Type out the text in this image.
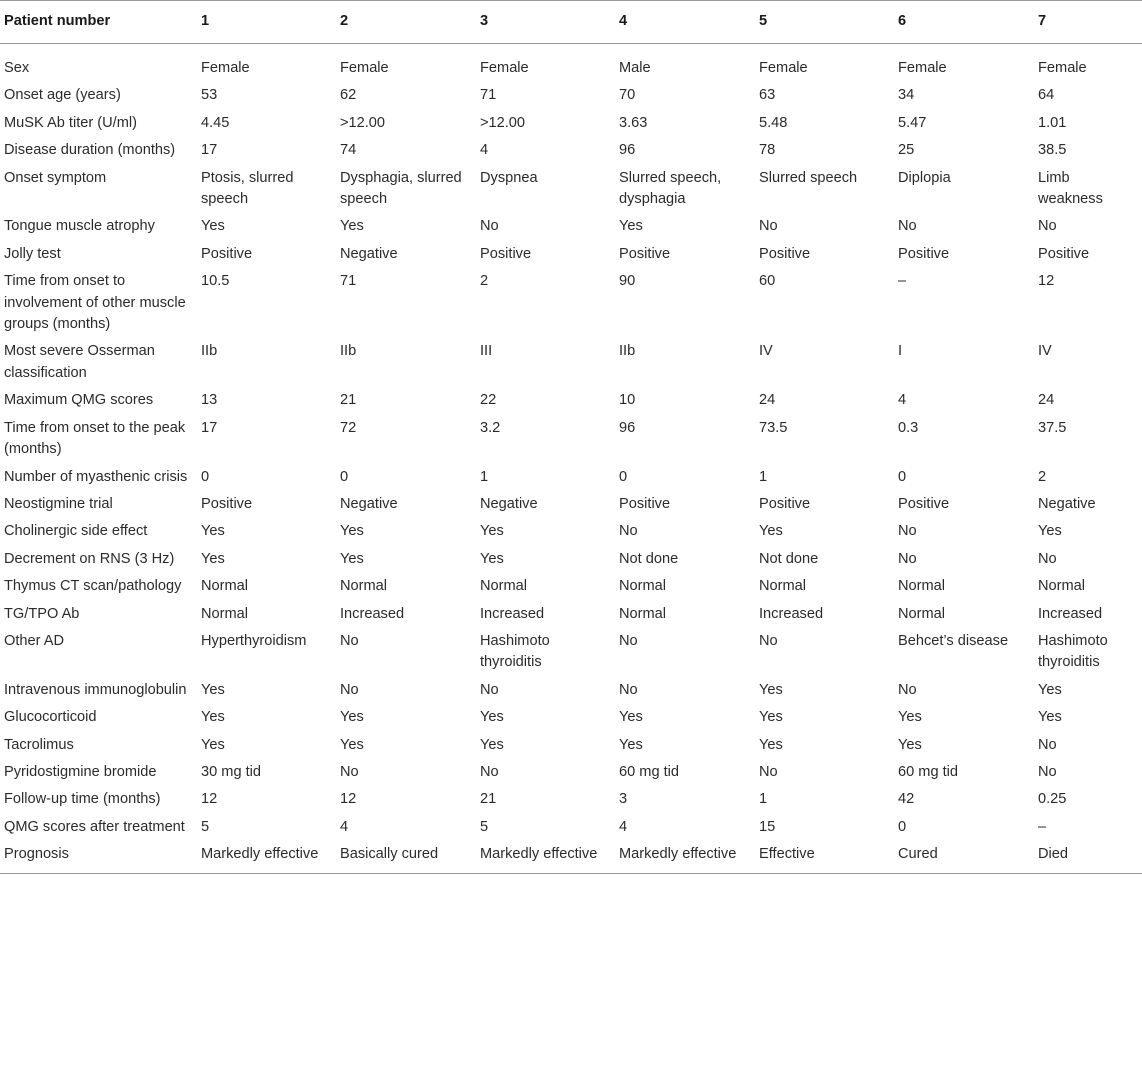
Patient number	1	2	3	4	5	6	7
Sex	Female	Female	Female	Male	Female	Female	Female
Onset age (years)	53	62	71	70	63	34	64
MuSK Ab titer (U/ml)	4.45	>12.00	>12.00	3.63	5.48	5.47	1.01
Disease duration (months)	17	74	4	96	78	25	38.5
Onset symptom	Ptosis, slurred speech	Dysphagia, slurred speech	Dyspnea	Slurred speech, dysphagia	Slurred speech	Diplopia	Limb weakness
Tongue muscle atrophy	Yes	Yes	No	Yes	No	No	No
Jolly test	Positive	Negative	Positive	Positive	Positive	Positive	Positive
Time from onset to involvement of other muscle groups (months)	10.5	71	2	90	60	–	12
Most severe Osserman classification	IIb	IIb	III	IIb	IV	I	IV
Maximum QMG scores	13	21	22	10	24	4	24
Time from onset to the peak (months)	17	72	3.2	96	73.5	0.3	37.5
Number of myasthenic crisis	0	0	1	0	1	0	2
Neostigmine trial	Positive	Negative	Negative	Positive	Positive	Positive	Negative
Cholinergic side effect	Yes	Yes	Yes	No	Yes	No	Yes
Decrement on RNS (3 Hz)	Yes	Yes	Yes	Not done	Not done	No	No
Thymus CT scan/pathology	Normal	Normal	Normal	Normal	Normal	Normal	Normal
TG/TPO Ab	Normal	Increased	Increased	Normal	Increased	Normal	Increased
Other AD	Hyperthyroidism	No	Hashimoto thyroiditis	No	No	Behcet’s disease	Hashimoto thyroiditis
Intravenous immunoglobulin	Yes	No	No	No	Yes	No	Yes
Glucocorticoid	Yes	Yes	Yes	Yes	Yes	Yes	Yes
Tacrolimus	Yes	Yes	Yes	Yes	Yes	Yes	No
Pyridostigmine bromide	30 mg tid	No	No	60 mg tid	No	60 mg tid	No
Follow-up time (months)	12	12	21	3	1	42	0.25
QMG scores after treatment	5	4	5	4	15	0	–
Prognosis	Markedly effective	Basically cured	Markedly effective	Markedly effective	Effective	Cured	Died
